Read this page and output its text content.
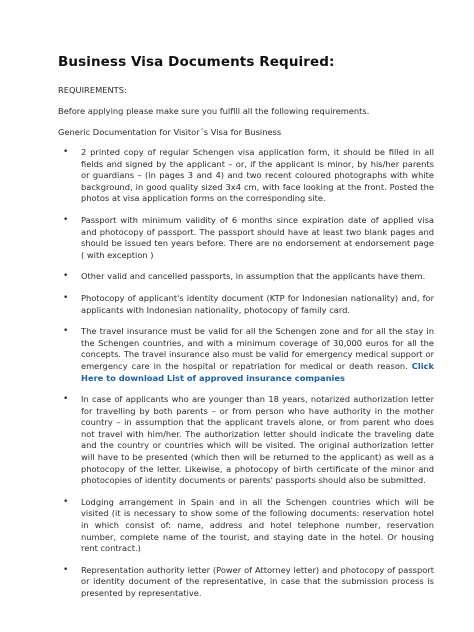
Business Visa Documents Required:
REQUIREMENTS:
Before applying please make sure you fulfill all the following requirements.
Generic Documentation for Visitor´s Visa for Business
• 2 printed copy of regular Schengen visa application form, it should be filled in all fields and signed by the applicant – or, if the applicant is minor, by his/her parents or guardians – (in pages 3 and 4) and two recent coloured photographs with white background, in good quality sized 3x4 cm, with face looking at the front. Posted the photos at visa application forms on the corresponding site.
• Passport with minimum validity of 6 months since expiration date of applied visa and photocopy of passport. The passport should have at least two blank pages and should be issued ten years before. There are no endorsement at endorsement page ( with exception )
• Other valid and cancelled passports, in assumption that the applicants have them.
• Photocopy of applicant's identity document (KTP for Indonesian nationality) and, for applicants with Indonesian nationality, photocopy of family card.
• The travel insurance must be valid for all the Schengen zone and for all the stay in the Schengen countries, and with a minimum coverage of 30,000 euros for all the concepts. The travel insurance also must be valid for emergency medical support or emergency care in the hospital or repatriation for medical or death reason. Click Here to download List of approved insurance companies
• In case of applicants who are younger than 18 years, notarized authorization letter for travelling by both parents – or from person who have authority in the mother country – in assumption that the applicant travels alone, or from parent who does not travel with him/her. The authorization letter should indicate the traveling date and the country or countries which will be visited. The original authorization letter will have to be presented (which then will be returned to the applicant) as well as a photocopy of the letter. Likewise, a photocopy of birth certificate of the minor and photocopies of identity documents or parents' passports should also be submitted.
• Lodging arrangement in Spain and in all the Schengen countries which will be visited (it is necessary to show some of the following documents: reservation hotel in which consist of: name, address and hotel telephone number, reservation number, complete name of the tourist, and staying date in the hotel. Or housing rent contract.)
• Representation authority letter (Power of Attorney letter) and photocopy of passport or identity document of the representative, in case that the submission process is presented by representative.
